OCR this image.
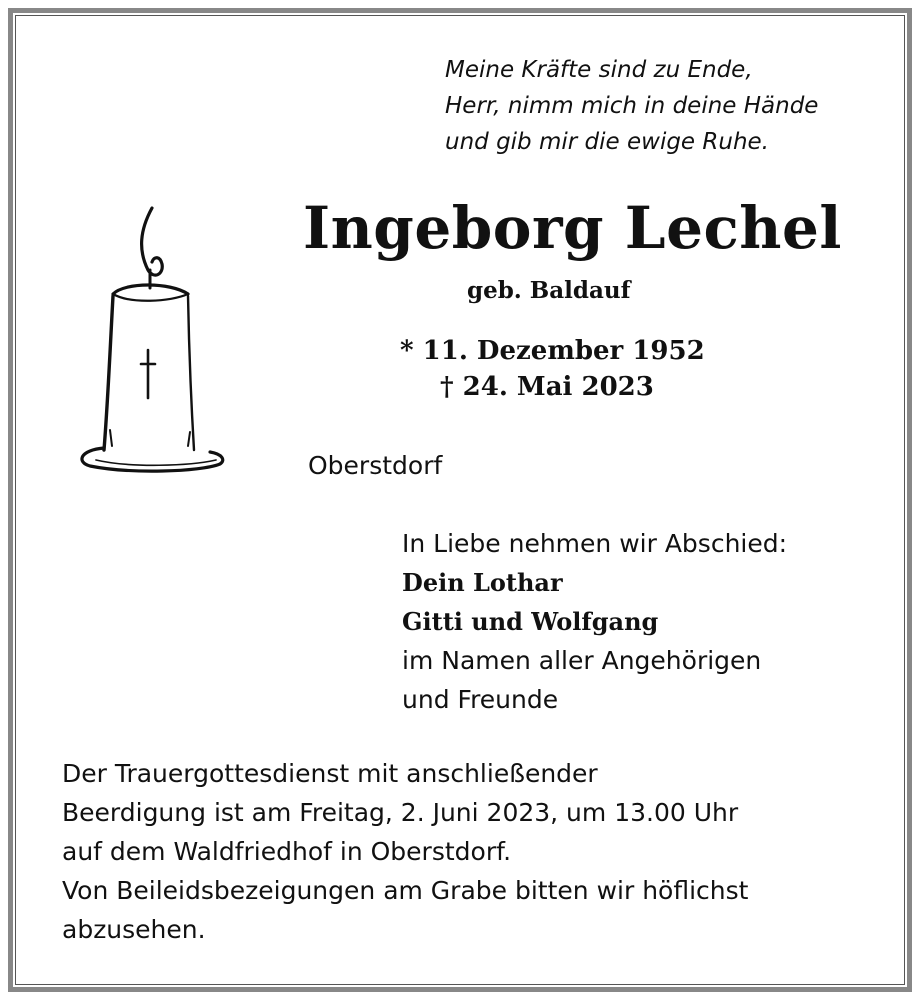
Meine Kräfte sind zu Ende,
Herr, nimm mich in deine Hände
und gib mir die ewige Ruhe.
Ingeborg Lechel
geb. Baldauf
* 11. Dezember 1952
† 24. Mai 2023
Oberstdorf
In Liebe nehmen wir Abschied:
Dein Lothar
Gitti und Wolfgang
im Namen aller Angehörigen
und Freunde
Der Trauergottesdienst mit anschließender
Beerdigung ist am Freitag, 2. Juni 2023, um 13.00 Uhr
auf dem Waldfriedhof in Oberstdorf.
Von Beileidsbezeigungen am Grabe bitten wir höflichst
abzusehen.
